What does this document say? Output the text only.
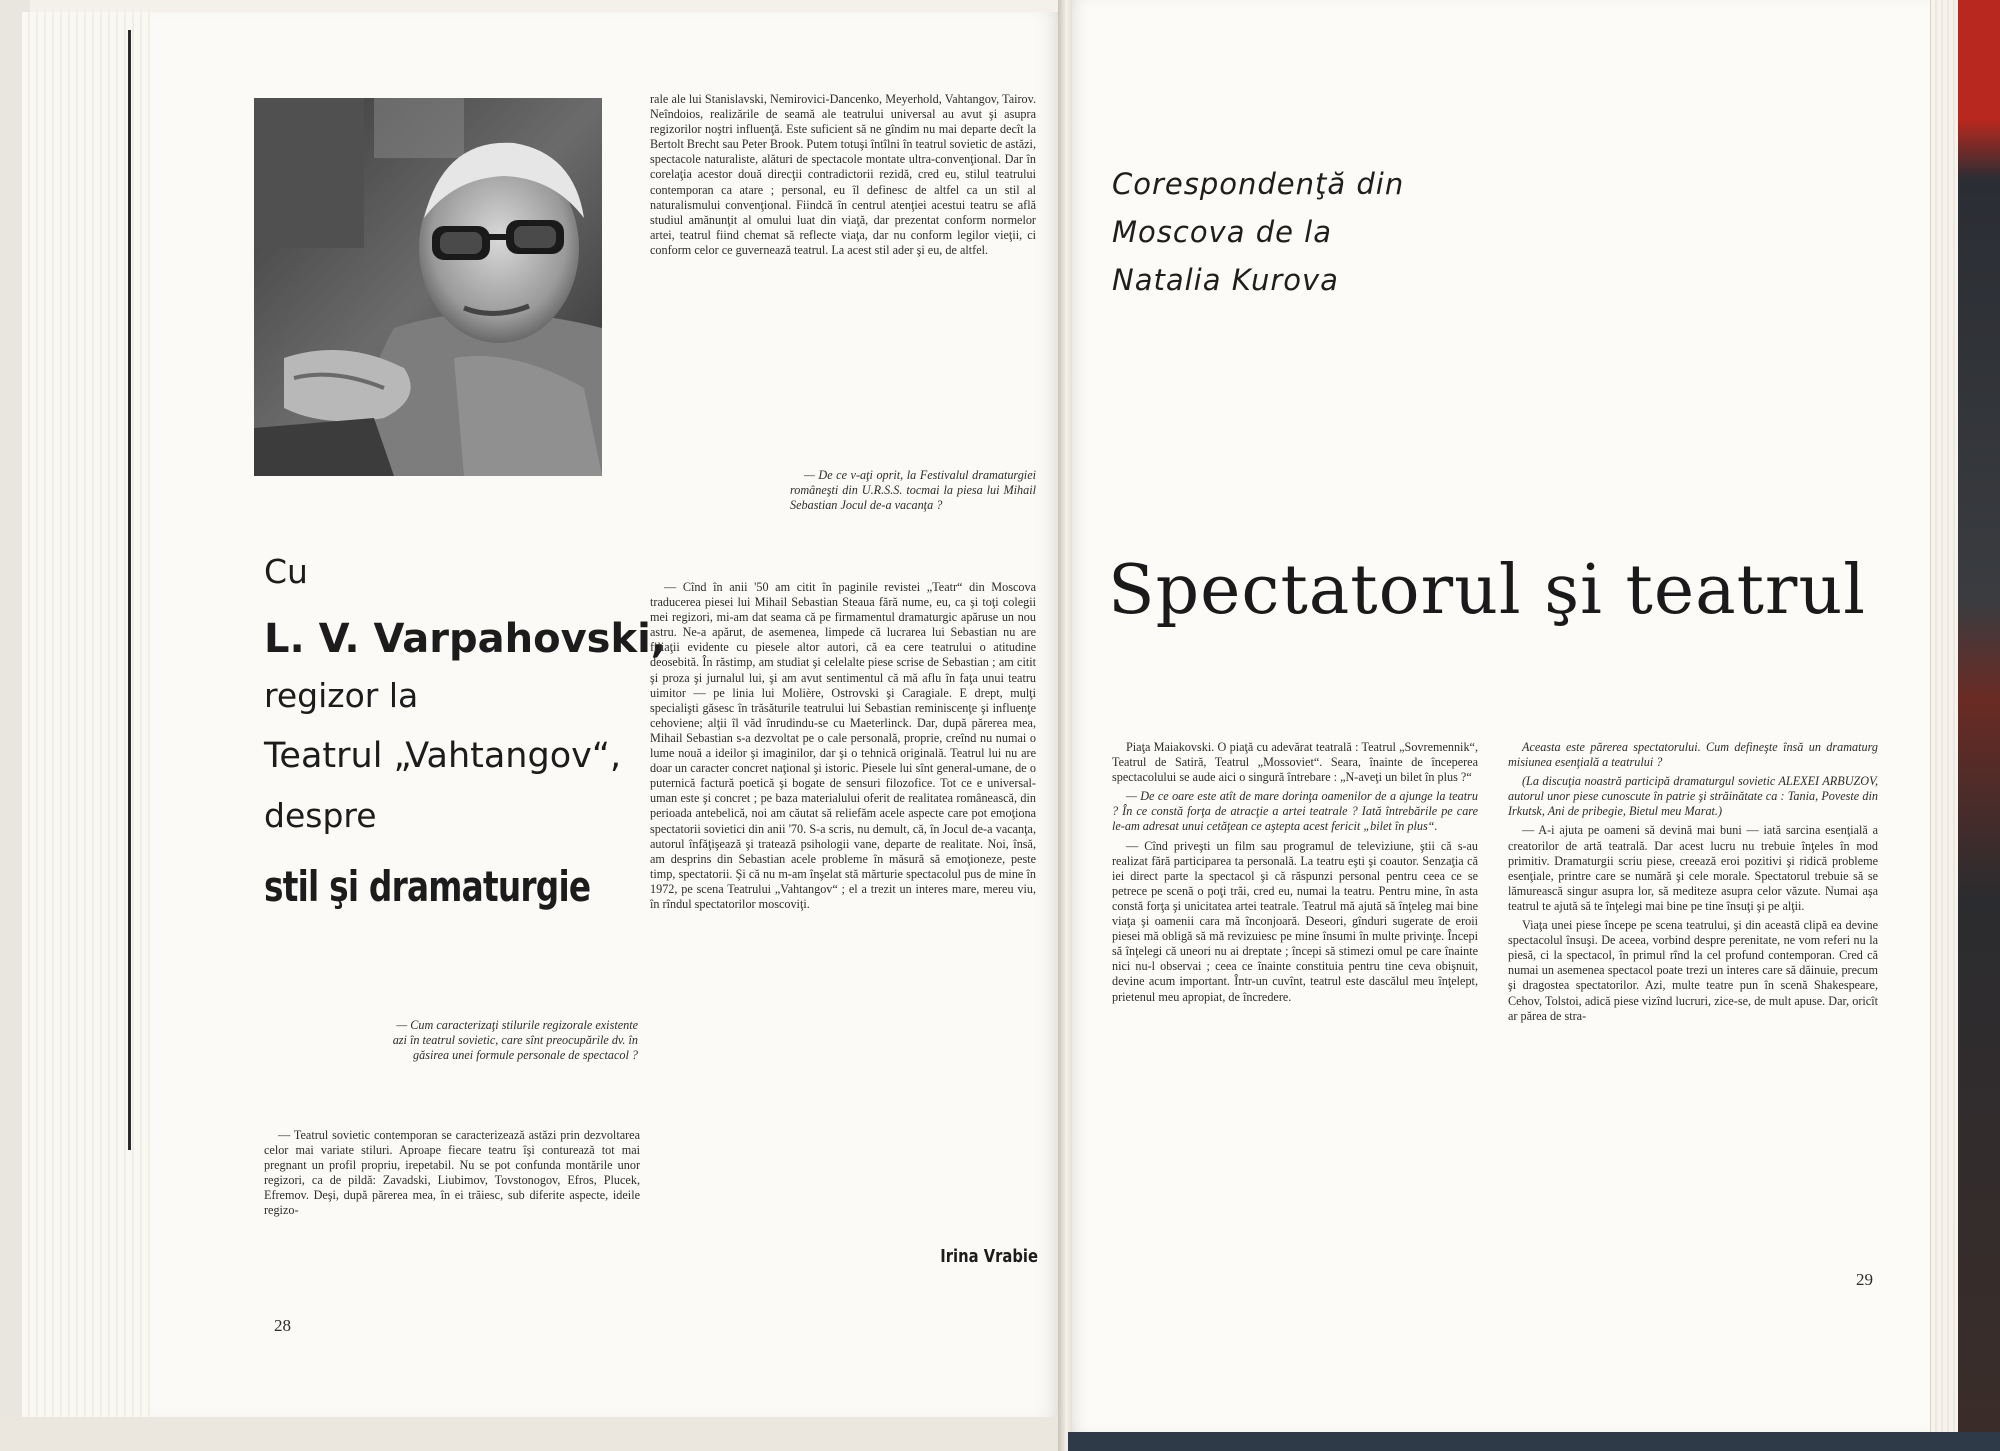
Cu
L. V. Varpahovski,
regizor la
Teatrul „Vahtangov“,
despre
stil şi dramaturgie
— Cum caracterizaţi stilurile regizorale existente azi în teatrul sovietic, care sînt preocupările dv. în găsirea unei formule personale de spectacol ?

— Teatrul sovietic contemporan se caracterizează astăzi prin dezvoltarea celor mai variate stiluri. Aproape fiecare teatru îşi conturează tot mai pregnant un profil propriu, irepetabil. Nu se pot confunda montările unor regizori, ca de pildă: Zavadski, Liubimov, Tovstonogov, Efros, Plucek, Efremov. Deşi, după părerea mea, în ei trăiesc, sub diferite aspecte, ideile regizo-

rale ale lui Stanislavski, Nemirovici-Dancenko, Meyerhold, Vahtangov, Tairov. Neîndoios, realizările de seamă ale teatrului universal au avut şi asupra regizorilor noştri influenţă. Este suficient să ne gîndim nu mai departe decît la Bertolt Brecht sau Peter Brook. Putem totuşi întîlni în teatrul sovietic de astăzi, spectacole naturaliste, alături de spectacole montate ultra-convenţional. Dar în corelaţia acestor două direcţii contradictorii rezidă, cred eu, stilul teatrului contemporan ca atare ; personal, eu îl definesc de altfel ca un stil al naturalismului convenţional. Fiindcă în centrul atenţiei acestui teatru se află studiul amănunţit al omului luat din viaţă, dar prezentat conform normelor artei, teatrul fiind chemat să reflecte viaţa, dar nu conform legilor vieţii, ci conform celor ce guvernează teatrul. La acest stil ader şi eu, de altfel.

— De ce v-aţi oprit, la Festivalul dramaturgiei româneşti din U.R.S.S. tocmai la piesa lui Mihail Sebastian Jocul de-a vacanţa ?

— Cînd în anii '50 am citit în paginile revistei „Teatr“ din Moscova traducerea piesei lui Mihail Sebastian Steaua fără nume, eu, ca şi toţi colegii mei regizori, mi-am dat seama că pe firmamentul dramaturgic apăruse un nou astru. Ne-a apărut, de asemenea, limpede că lucrarea lui Sebastian nu are filiaţii evidente cu piesele altor autori, că ea cere teatrului o atitudine deosebită. În răstimp, am studiat şi celelalte piese scrise de Sebastian ; am citit şi proza şi jurnalul lui, şi am avut sentimentul că mă aflu în faţa unui teatru uimitor — pe linia lui Molière, Ostrovski şi Caragiale. E drept, mulţi specialişti găsesc în trăsăturile teatrului lui Sebastian reminiscenţe şi influenţe cehoviene; alţii îl văd înrudindu-se cu Maeterlinck. Dar, după părerea mea, Mihail Sebastian s-a dezvoltat pe o cale personală, proprie, creînd nu numai o lume nouă a ideilor şi imaginilor, dar şi o tehnică originală. Teatrul lui nu are doar un caracter concret naţional şi istoric. Piesele lui sînt general-umane, de o puternică factură poetică şi bogate de sensuri filozofice. Tot ce e universal-uman este şi concret ; pe baza materialului oferit de realitatea românească, din perioada antebelică, noi am căutat să reliefăm acele aspecte care pot emoţiona spectatorii sovietici din anii '70. S-a scris, nu demult, că, în Jocul de-a vacanţa, autorul înfăţişează şi tratează psihologii vane, departe de realitate. Noi, însă, am desprins din Sebastian acele probleme în măsură să emoţioneze, peste timp, spectatorii. Şi că nu m-am înşelat stă mărturie spectacolul pus de mine în 1972, pe scena Teatrului „Vahtangov“ ; el a trezit un interes mare, mereu viu, în rîndul spectatorilor moscoviţi.

Irina Vrabie
28
Corespondenţă din
Moscova de la
Natalia Kurova
Spectatorul şi teatrul

Piaţa Maiakovski. O piaţă cu adevărat teatrală : Teatrul „Sovremennik“, Teatrul de Satiră, Teatrul „Mossoviet“. Seara, înainte de începerea spectacolului se aude aici o singură întrebare : „N-aveţi un bilet în plus ?“

— De ce oare este atît de mare dorinţa oamenilor de a ajunge la teatru ? În ce constă forţa de atracţie a artei teatrale ? Iată întrebările pe care le-am adresat unui cetăţean ce aştepta acest fericit „bilet în plus“.

— Cînd priveşti un film sau programul de televiziune, ştii că s-au realizat fără participarea ta personală. La teatru eşti şi coautor. Senzaţia că iei direct parte la spectacol şi că răspunzi personal pentru ceea ce se petrece pe scenă o poţi trăi, cred eu, numai la teatru. Pentru mine, în asta constă forţa şi unicitatea artei teatrale. Teatrul mă ajută să înţeleg mai bine viaţa şi oamenii cara mă înconjoară. Deseori, gînduri sugerate de eroii piesei mă obligă să mă revizuiesc pe mine însumi în multe privinţe. Începi să înţelegi că uneori nu ai dreptate ; începi să stimezi omul pe care înainte nici nu-l observai ; ceea ce înainte constituia pentru tine ceva obişnuit, devine acum important. Într-un cuvînt, teatrul este dascălul meu înţelept, prietenul meu apropiat, de încredere.

Aceasta este părerea spectatorului. Cum defineşte însă un dramaturg misiunea esenţială a teatrului ?

(La discuţia noastră participă dramaturgul sovietic ALEXEI ARBUZOV, autorul unor piese cunoscute în patrie şi străinătate ca : Tania, Poveste din Irkutsk, Ani de pribegie, Bietul meu Marat.)

— A-i ajuta pe oameni să devină mai buni — iată sarcina esenţială a creatorilor de artă teatrală. Dar acest lucru nu trebuie înţeles în mod primitiv. Dramaturgii scriu piese, creează eroi pozitivi şi ridică probleme esenţiale, printre care se numără şi cele morale. Spectatorul trebuie să se lămurească singur asupra lor, să mediteze asupra celor văzute. Numai aşa teatrul te ajută să te înţelegi mai bine pe tine însuţi şi pe alţii.

Viaţa unei piese începe pe scena teatrului, şi din această clipă ea devine spectacolul însuşi. De aceea, vorbind despre perenitate, ne vom referi nu la piesă, ci la spectacol, în primul rînd la cel profund contemporan. Cred că numai un asemenea spectacol poate trezi un interes care să dăinuie, precum şi dragostea spectatorilor. Azi, multe teatre pun în scenă Shakespeare, Cehov, Tolstoi, adică piese vizînd lucruri, zice-se, de mult apuse. Dar, oricît ar părea de stra-

29
